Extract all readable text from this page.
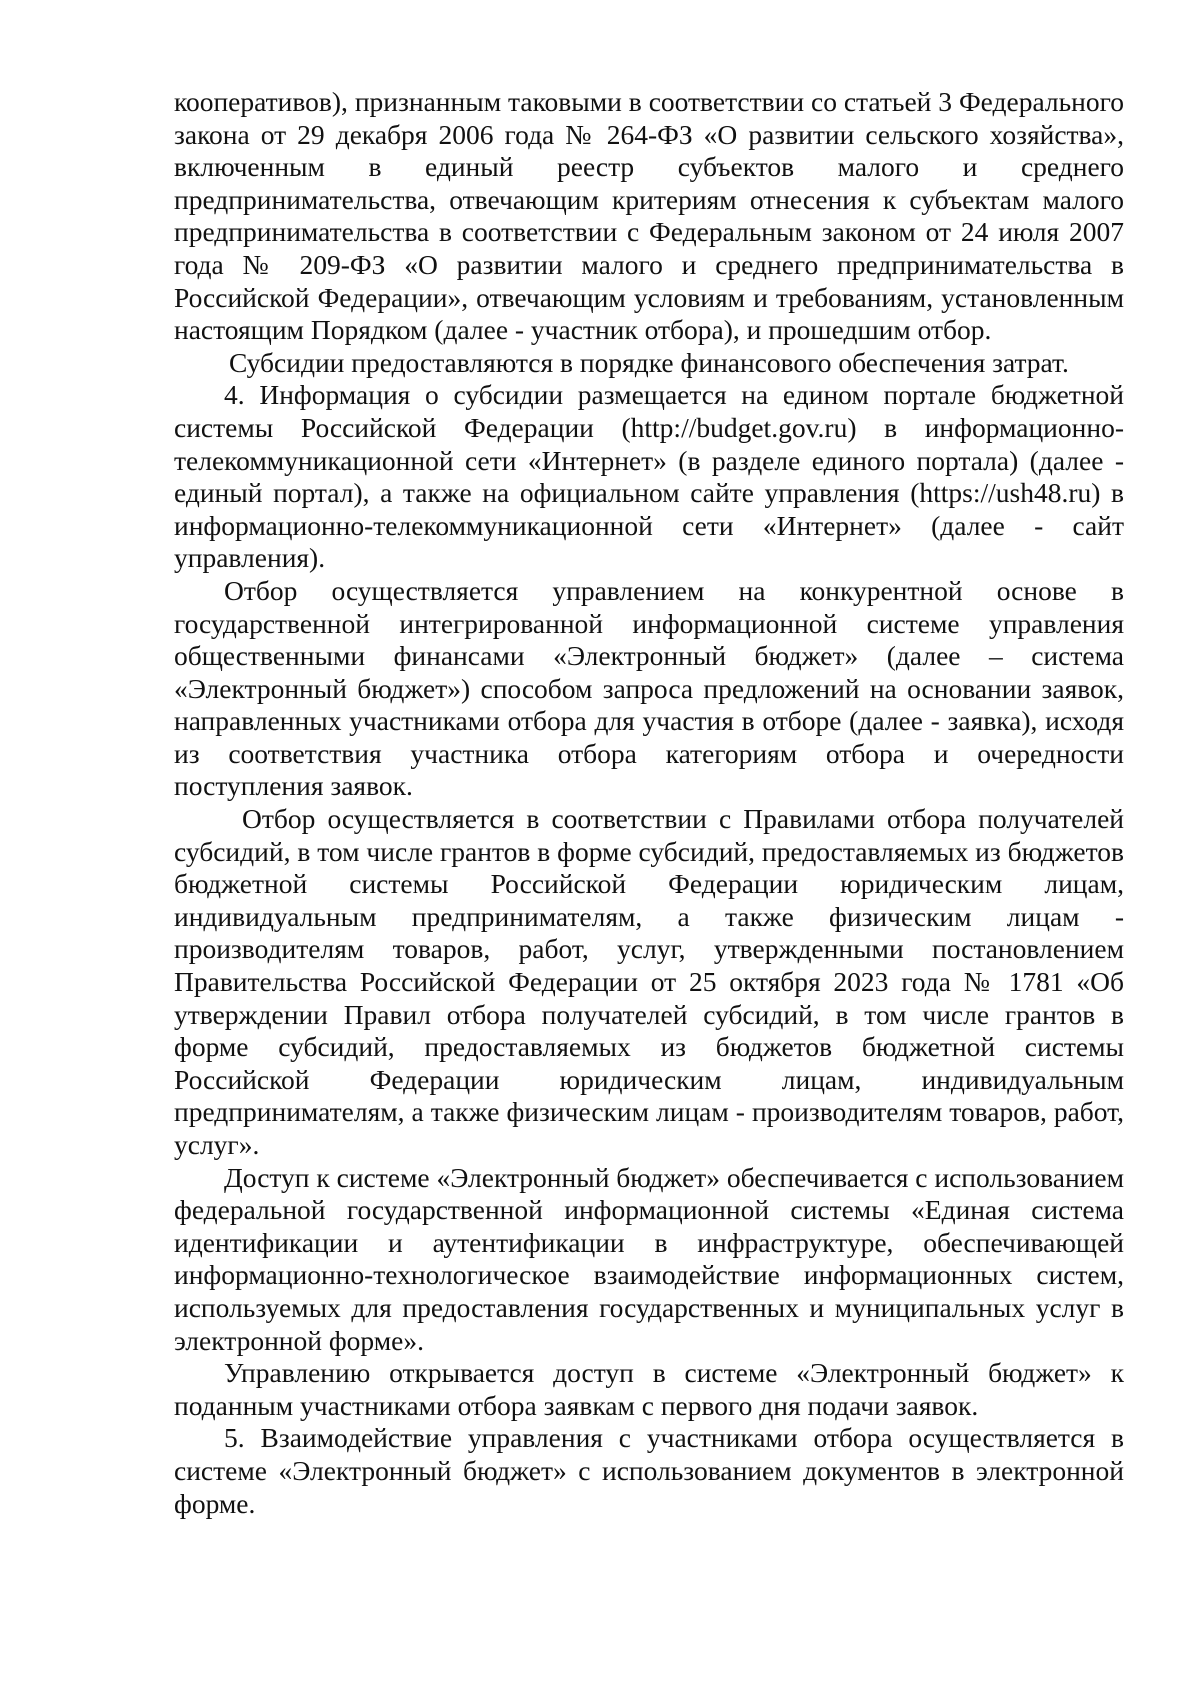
кооперативов), признанным таковыми в соответствии со статьей 3 Федерального закона от 29 декабря 2006 года № 264-ФЗ «О развитии сельского хозяйства», включенным в единый реестр субъектов малого и среднего предпринимательства, отвечающим критериям отнесения к субъектам малого предпринимательства в соответствии с Федеральным законом от 24 июля 2007 года № 209-ФЗ «О развитии малого и среднего предпринимательства в Российской Федерации», отвечающим условиям и требованиям, установленным настоящим Порядком (далее - участник отбора), и прошедшим отбор.

Субсидии предоставляются в порядке финансового обеспечения затрат.

4. Информация о субсидии размещается на едином портале бюджетной системы Российской Федерации (http://budget.gov.ru) в информационно-телекоммуникационной сети «Интернет» (в разделе единого портала) (далее - единый портал), а также на официальном сайте управления (https://ush48.ru) в информационно-телекоммуникационной сети «Интернет» (далее - сайт управления).

Отбор осуществляется управлением на конкурентной основе в государственной интегрированной информационной системе управления общественными финансами «Электронный бюджет» (далее – система «Электронный бюджет») способом запроса предложений на основании заявок, направленных участниками отбора для участия в отборе (далее - заявка), исходя из соответствия участника отбора категориям отбора и очередности поступления заявок.

Отбор осуществляется в соответствии с Правилами отбора получателей субсидий, в том числе грантов в форме субсидий, предоставляемых из бюджетов бюджетной системы Российской Федерации юридическим лицам, индивидуальным предпринимателям, а также физическим лицам - производителям товаров, работ, услуг, утвержденными постановлением Правительства Российской Федерации от 25 октября 2023 года № 1781 «Об утверждении Правил отбора получателей субсидий, в том числе грантов в форме субсидий, предоставляемых из бюджетов бюджетной системы Российской Федерации юридическим лицам, индивидуальным предпринимателям, а также физическим лицам - производителям товаров, работ, услуг».

Доступ к системе «Электронный бюджет» обеспечивается с использованием федеральной государственной информационной системы «Единая система идентификации и аутентификации в инфраструктуре, обеспечивающей информационно-технологическое взаимодействие информационных систем, используемых для предоставления государственных и муниципальных услуг в электронной форме».

Управлению открывается доступ в системе «Электронный бюджет» к поданным участниками отбора заявкам с первого дня подачи заявок.

5. Взаимодействие управления с участниками отбора осуществляется в системе «Электронный бюджет» с использованием документов в электронной форме.
